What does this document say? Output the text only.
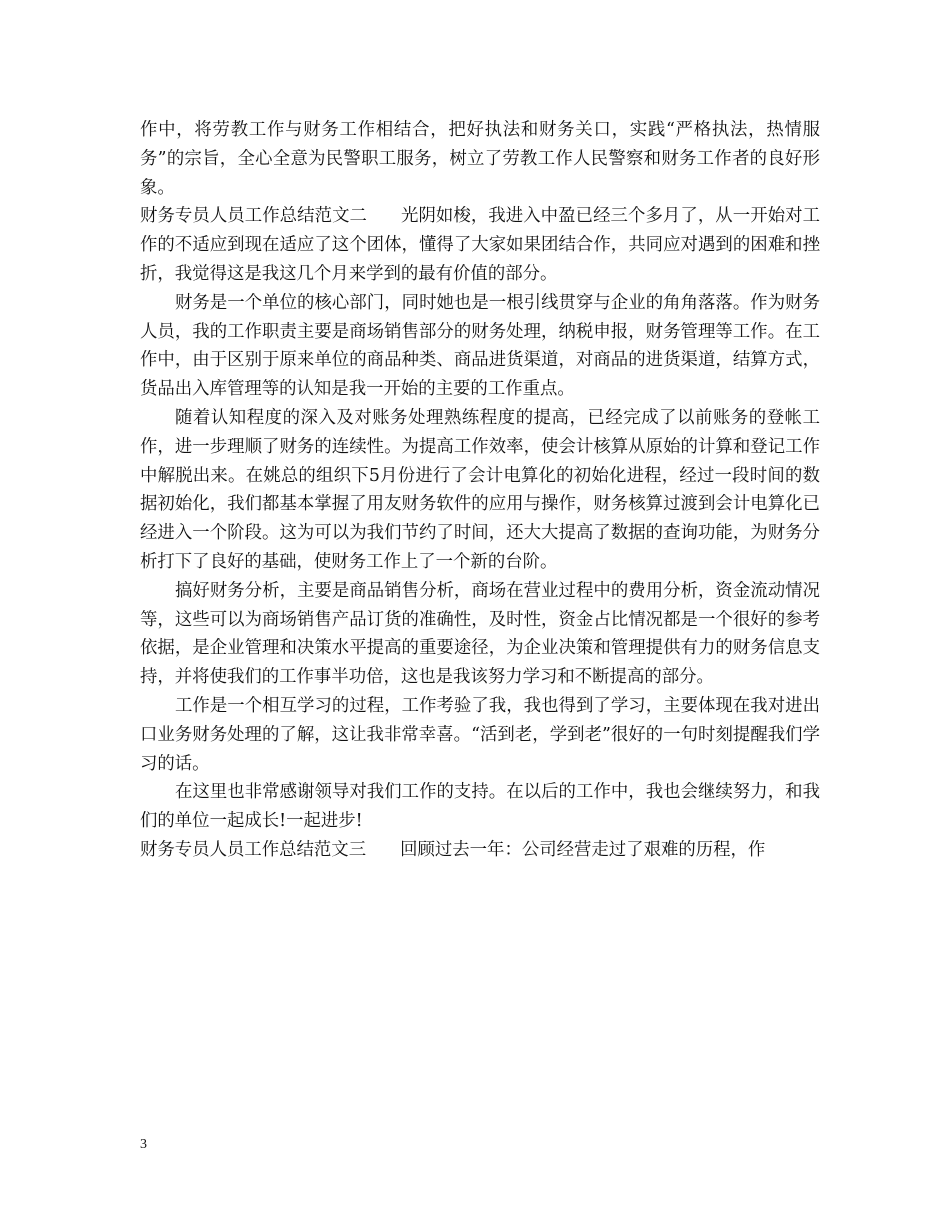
作中，将劳教工作与财务工作相结合，把好执法和财务关口，实践“严格执法，热情服务”的宗旨，全心全意为民警职工服务，树立了劳教工作人民警察和财务工作者的良好形象。

财务专员人员工作总结范文二 光阴如梭，我进入中盈已经三个多月了，从一开始对工作的不适应到现在适应了这个团体，懂得了大家如果团结合作，共同应对遇到的困难和挫折，我觉得这是我这几个月来学到的最有价值的部分。

财务是一个单位的核心部门，同时她也是一根引线贯穿与企业的角角落落。作为财务人员，我的工作职责主要是商场销售部分的财务处理，纳税申报，财务管理等工作。在工作中，由于区别于原来单位的商品种类、商品进货渠道，对商品的进货渠道，结算方式，货品出入库管理等的认知是我一开始的主要的工作重点。

随着认知程度的深入及对账务处理熟练程度的提高，已经完成了以前账务的登帐工作，进一步理顺了财务的连续性。为提高工作效率，使会计核算从原始的计算和登记工作中解脱出来。在姚总的组织下5月份进行了会计电算化的初始化进程，经过一段时间的数据初始化，我们都基本掌握了用友财务软件的应用与操作，财务核算过渡到会计电算化已经进入一个阶段。这为可以为我们节约了时间，还大大提高了数据的查询功能，为财务分析打下了良好的基础，使财务工作上了一个新的台阶。

搞好财务分析，主要是商品销售分析，商场在营业过程中的费用分析，资金流动情况等，这些可以为商场销售产品订货的准确性，及时性，资金占比情况都是一个很好的参考依据，是企业管理和决策水平提高的重要途径，为企业决策和管理提供有力的财务信息支持，并将使我们的工作事半功倍，这也是我该努力学习和不断提高的部分。

工作是一个相互学习的过程，工作考验了我，我也得到了学习，主要体现在我对进出口业务财务处理的了解，这让我非常幸喜。“活到老，学到老”很好的一句时刻提醒我们学习的话。

在这里也非常感谢领导对我们工作的支持。在以后的工作中，我也会继续努力，和我们的单位一起成长!一起进步!

财务专员人员工作总结范文三 回顾过去一年：公司经营走过了艰难的历程，作

3
